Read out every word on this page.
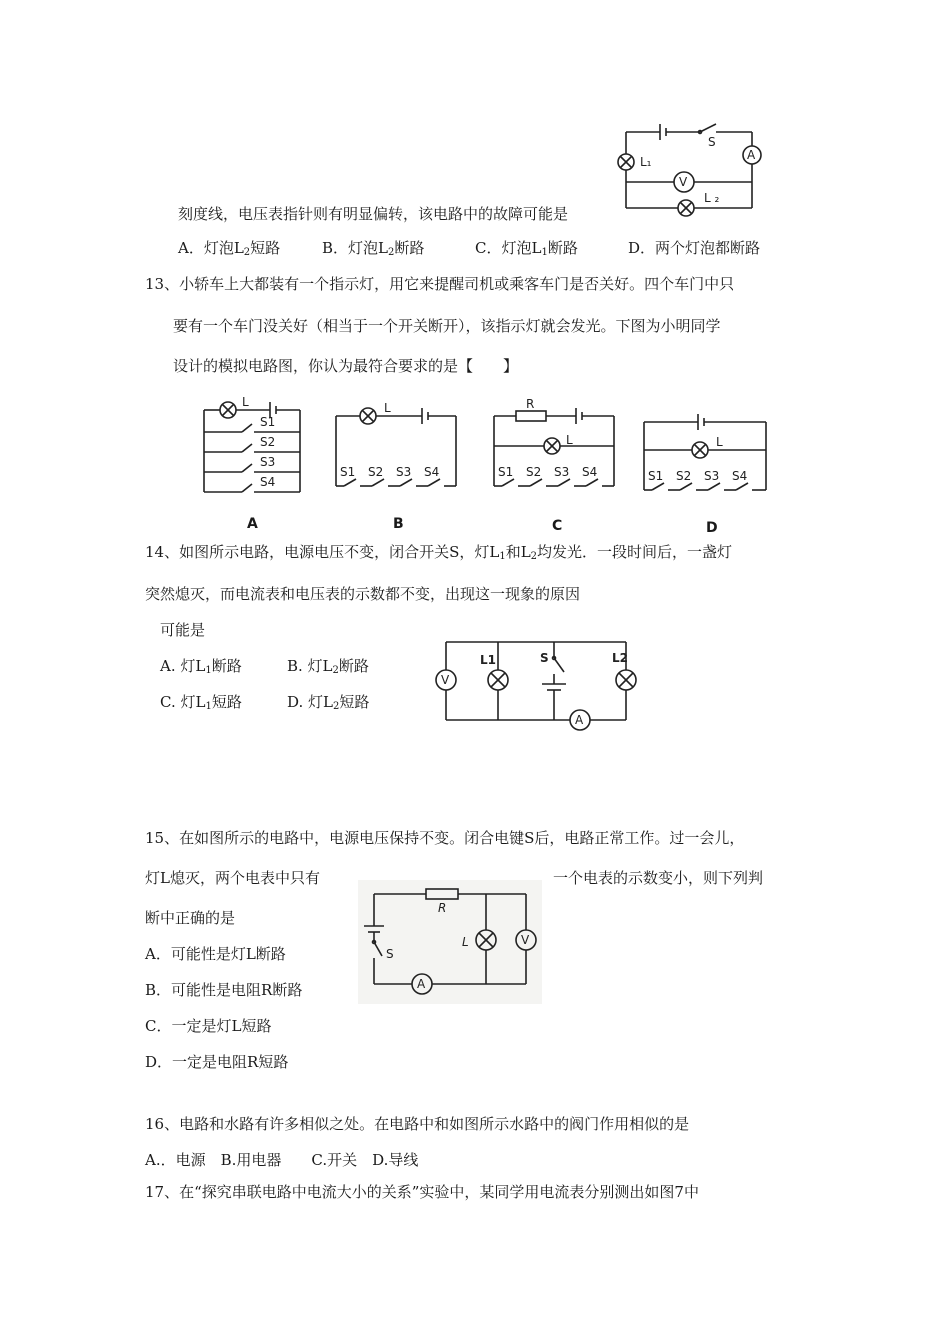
S
L₁	A
V
L ₂
刻度线，电压表指针则有明显偏转，该电路中的故障可能是
A．灯泡$L_2$短路	B．灯泡$L_2$断路	C．灯泡$L_1$断路	D．两个灯泡都断路
13、小轿车上大都装有一个指示灯，用它来提醒司机或乘客车门是否关好。四个车门中只
要有一个车门没关好（相当于一个开关断开），该指示灯就会发光。下图为小明同学
设计的模拟电路图，你认为最符合要求的是【　　】
L
S1
S2
S3
S4
L
S1 S2 S3 S4
R
L
S1 S2 S3 S4
L
S1 S2 S3 S4
A	B	C	D
14、如图所示电路，电源电压不变，闭合开关S，灯$L_1$和$L_2$均发光．一段时间后，一盏灯
突然熄灭，而电流表和电压表的示数都不变，出现这一现象的原因
可能是
A. 灯$L_1$断路	B. 灯$L_2$断路
C. 灯$L_1$短路	D. 灯$L_2$短路
V
A
L2
L1	S
15、在如图所示的电路中，电源电压保持不变。闭合电键S后，电路正常工作。过一会儿，
灯L熄灭，两个电表中只有	一个电表的示数变小，则下列判
断中正确的是
A．可能性是灯L断路
B．可能性是电阻R断路
C．一定是灯L短路
D．一定是电阻R短路
R
S
A
L	V
16、电路和水路有许多相似之处。在电路中和如图所示水路中的阀门作用相似的是
A.．电源　B.用电器　　C.开关　D.导线
17、在“探究串联电路中电流大小的关系”实验中，某同学用电流表分别测出如图7中
